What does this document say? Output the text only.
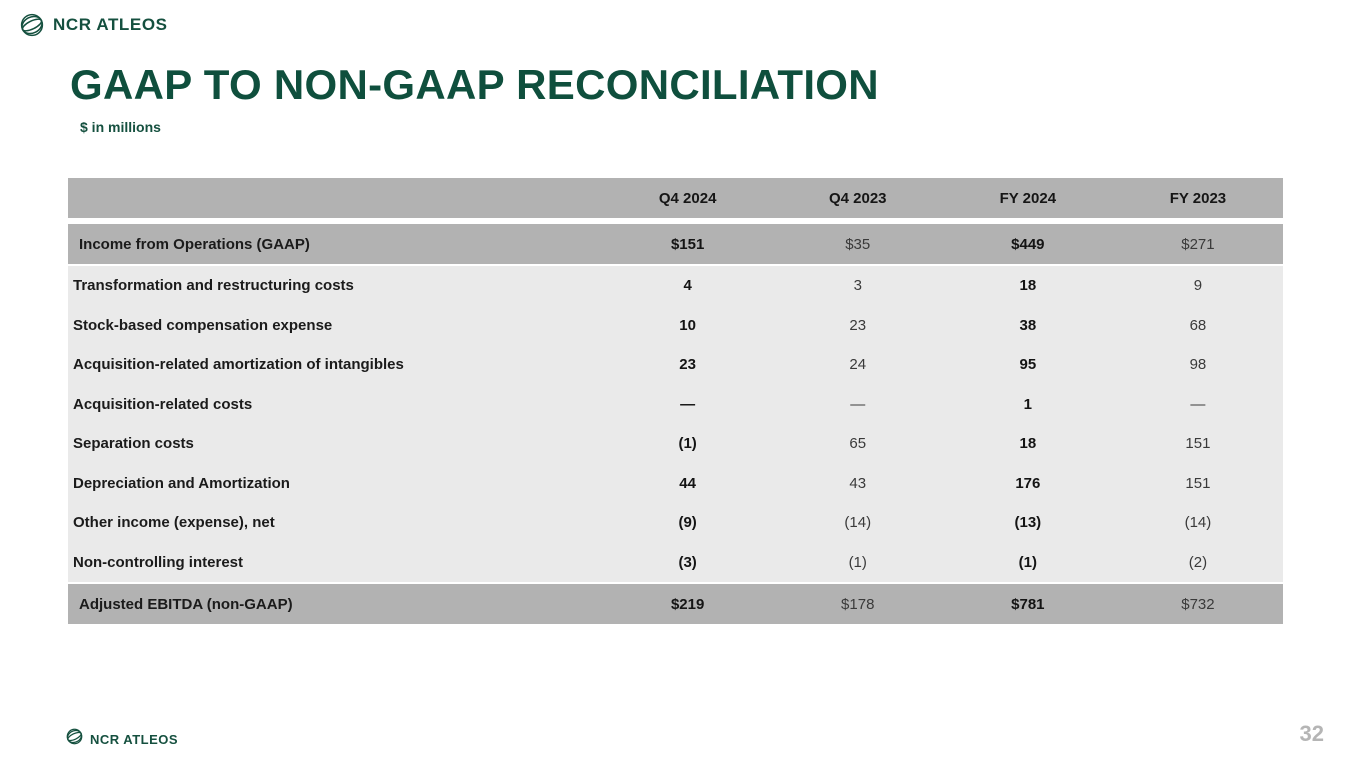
NCR ATLEOS
GAAP TO NON-GAAP RECONCILIATION
$ in millions
Q4 2024	Q4 2023	FY 2024	FY 2023
Income from Operations (GAAP)	$151	$35	$449	$271
Transformation and restructuring costs	4	3	18	9
Stock-based compensation expense	10	23	38	68
Acquisition-related amortization of intangibles	23	24	95	98
Acquisition-related costs	—	—	1	—
Separation costs	(1)	65	18	151
Depreciation and Amortization	44	43	176	151
Other income (expense), net	(9)	(14)	(13)	(14)
Non-controlling interest	(3)	(1)	(1)	(2)
Adjusted EBITDA (non-GAAP)	$219	$178	$781	$732
NCR ATLEOS	32
